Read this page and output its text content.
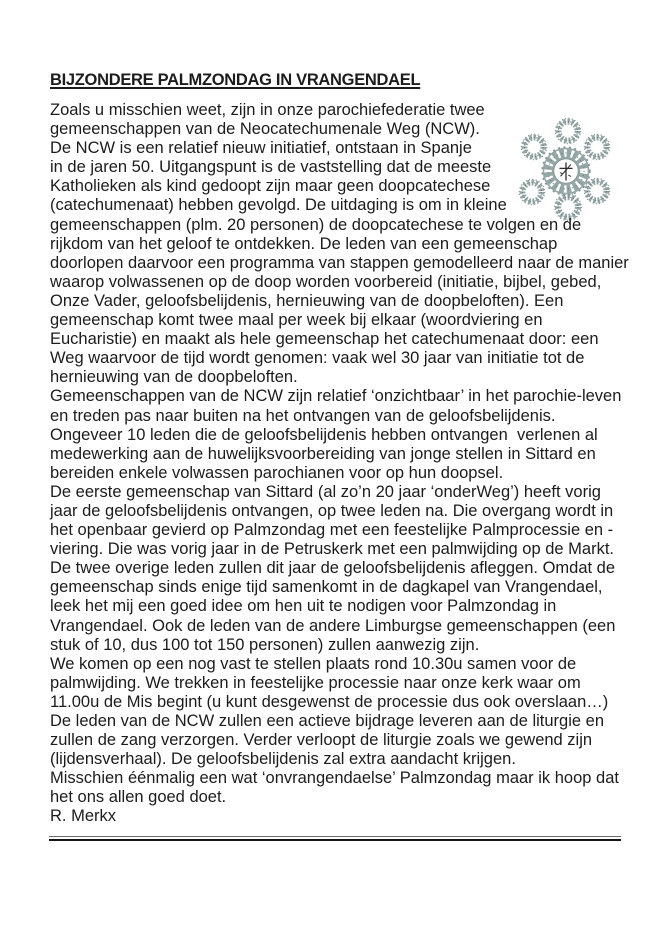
BIJZONDERE PALMZONDAG IN VRANGENDAEL
Zoals u misschien weet, zijn in onze parochiefederatie twee
gemeenschappen van de Neocatechumenale Weg (NCW).
De NCW is een relatief nieuw initiatief, ontstaan in Spanje
in de jaren 50. Uitgangspunt is de vaststelling dat de meeste
Katholieken als kind gedoopt zijn maar geen doopcatechese
(catechumenaat) hebben gevolgd. De uitdaging is om in kleine
gemeenschappen (plm. 20 personen) de doopcatechese te volgen en de
rijkdom van het geloof te ontdekken. De leden van een gemeenschap
doorlopen daarvoor een programma van stappen gemodelleerd naar de manier
waarop volwassenen op de doop worden voorbereid (initiatie, bijbel, gebed,
Onze Vader, geloofsbelijdenis, hernieuwing van de doopbeloften). Een
gemeenschap komt twee maal per week bij elkaar (woordviering en
Eucharistie) en maakt als hele gemeenschap het catechumenaat door: een
Weg waarvoor de tijd wordt genomen: vaak wel 30 jaar van initiatie tot de
hernieuwing van de doopbeloften.
Gemeenschappen van de NCW zijn relatief ‘onzichtbaar’ in het parochie-leven
en treden pas naar buiten na het ontvangen van de geloofsbelijdenis.
Ongeveer 10 leden die de geloofsbelijdenis hebben ontvangen  verlenen al
medewerking aan de huwelijksvoorbereiding van jonge stellen in Sittard en
bereiden enkele volwassen parochianen voor op hun doopsel.
De eerste gemeenschap van Sittard (al zo’n 20 jaar ‘onderWeg’) heeft vorig
jaar de geloofsbelijdenis ontvangen, op twee leden na. Die overgang wordt in
het openbaar gevierd op Palmzondag met een feestelijke Palmprocessie en -
viering. Die was vorig jaar in de Petruskerk met een palmwijding op de Markt.
De twee overige leden zullen dit jaar de geloofsbelijdenis afleggen. Omdat de
gemeenschap sinds enige tijd samenkomt in de dagkapel van Vrangendael,
leek het mij een goed idee om hen uit te nodigen voor Palmzondag in
Vrangendael. Ook de leden van de andere Limburgse gemeenschappen (een
stuk of 10, dus 100 tot 150 personen) zullen aanwezig zijn.
We komen op een nog vast te stellen plaats rond 10.30u samen voor de
palmwijding. We trekken in feestelijke processie naar onze kerk waar om
11.00u de Mis begint (u kunt desgewenst de processie dus ook overslaan…)
De leden van de NCW zullen een actieve bijdrage leveren aan de liturgie en
zullen de zang verzorgen. Verder verloopt de liturgie zoals we gewend zijn
(lijdensverhaal). De geloofsbelijdenis zal extra aandacht krijgen.
Misschien éénmalig een wat ‘onvrangendaelse’ Palmzondag maar ik hoop dat
het ons allen goed doet.
R. Merkx
